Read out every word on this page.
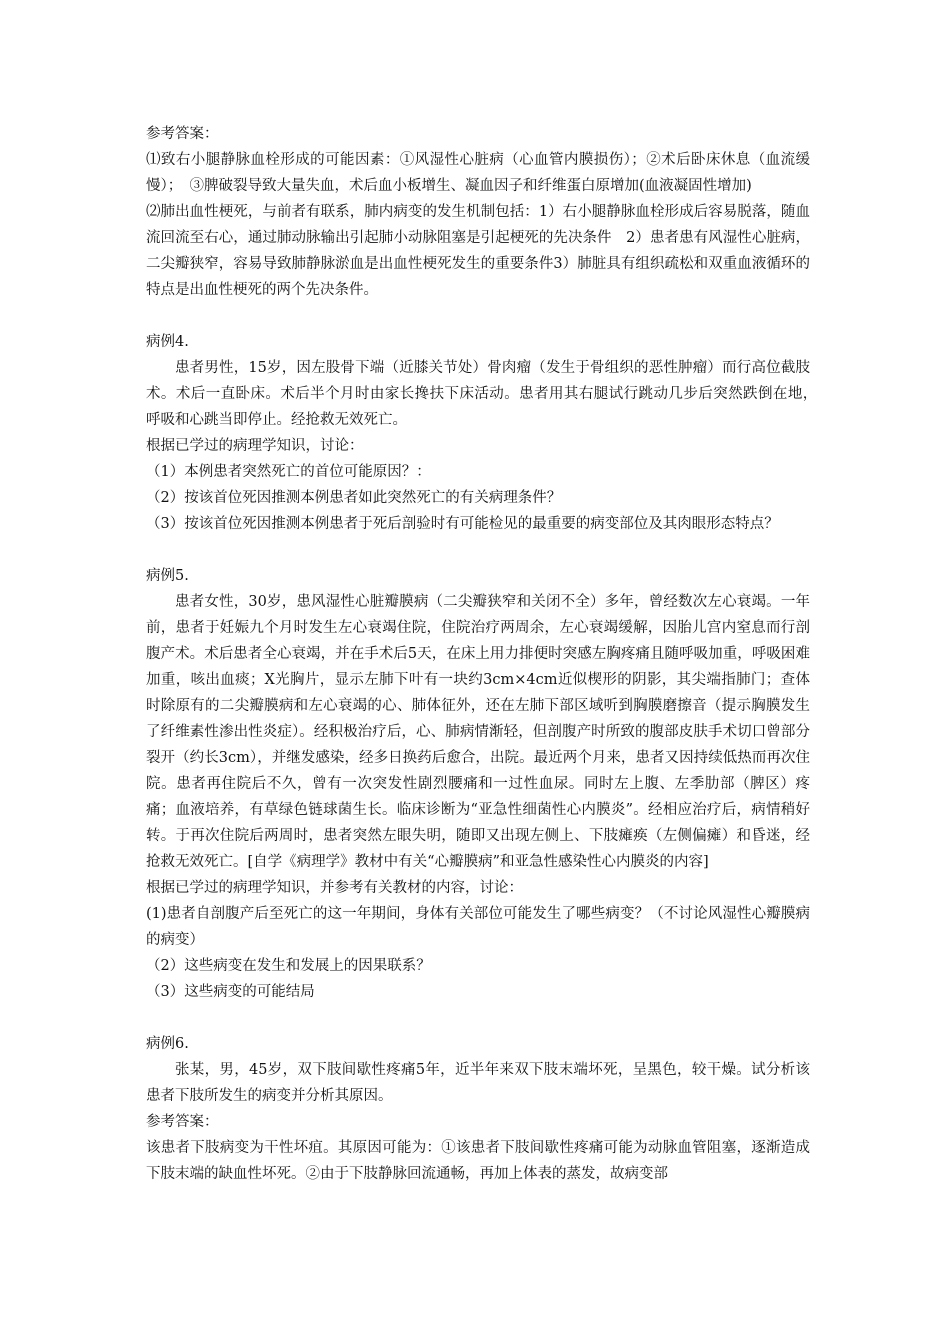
参考答案：

⑴致右小腿静脉血栓形成的可能因素：①风湿性心脏病（心血管内膜损伤）；②术后卧床休息（血流缓慢）；　③脾破裂导致大量失血，术后血小板增生、凝血因子和纤维蛋白原增加(血液凝固性增加)

⑵肺出血性梗死，与前者有联系，肺内病变的发生机制包括：1）右小腿静脉血栓形成后容易脱落，随血流回流至右心，通过肺动脉输出引起肺小动脉阻塞是引起梗死的先决条件　2）患者患有风湿性心脏病，二尖瓣狭窄，容易导致肺静脉淤血是出血性梗死发生的重要条件3）肺脏具有组织疏松和双重血液循环的特点是出血性梗死的两个先决条件。

病例4.

患者男性，15岁，因左股骨下端（近膝关节处）骨肉瘤（发生于骨组织的恶性肿瘤）而行高位截肢术。术后一直卧床。术后半个月时由家长搀扶下床活动。患者用其右腿试行跳动几步后突然跌倒在地，　呼吸和心跳当即停止。经抢救无效死亡。

根据已学过的病理学知识，讨论：

（1）本例患者突然死亡的首位可能原因？：

（2）按该首位死因推测本例患者如此突然死亡的有关病理条件？

（3）按该首位死因推测本例患者于死后剖验时有可能检见的最重要的病变部位及其肉眼形态特点？

病例5.

患者女性，30岁，患风湿性心脏瓣膜病（二尖瓣狭窄和关闭不全）多年，曾经数次左心衰竭。一年前，患者于妊娠九个月时发生左心衰竭住院，住院治疗两周余，左心衰竭缓解，因胎儿宫内窒息而行剖腹产术。术后患者全心衰竭，并在手术后5天，在床上用力排便时突感左胸疼痛且随呼吸加重，呼吸困难加重，咳出血痰；X光胸片，显示左肺下叶有一块约3cm×4cm近似楔形的阴影，其尖端指肺门；查体时除原有的二尖瓣膜病和左心衰竭的心、肺体征外，还在左肺下部区域听到胸膜磨擦音（提示胸膜发生了纤维素性渗出性炎症）。经积极治疗后，心、肺病情渐轻，但剖腹产时所致的腹部皮肤手术切口曾部分裂开（约长3cm），并继发感染，经多日换药后愈合，出院。最近两个月来，患者又因持续低热而再次住院。患者再住院后不久，曾有一次突发性剧烈腰痛和一过性血尿。同时左上腹、左季肋部（脾区）疼痛；血液培养，有草绿色链球菌生长。临床诊断为“亚急性细菌性心内膜炎”。经相应治疗后，病情稍好转。于再次住院后两周时，患者突然左眼失明，随即又出现左侧上、下肢瘫痪（左侧偏瘫）和昏迷，经抢救无效死亡。[自学《病理学》教材中有关“心瓣膜病”和亚急性感染性心内膜炎的内容]

根据已学过的病理学知识，并参考有关教材的内容，讨论：

(1)患者自剖腹产后至死亡的这一年期间，身体有关部位可能发生了哪些病变？（不讨论风湿性心瓣膜病的病变）

（2）这些病变在发生和发展上的因果联系？

（3）这些病变的可能结局

病例6.

张某，男，45岁，双下肢间歇性疼痛5年，近半年来双下肢末端坏死，呈黑色，较干燥。试分析该患者下肢所发生的病变并分析其原因。

参考答案：

该患者下肢病变为干性坏疽。其原因可能为：①该患者下肢间歇性疼痛可能为动脉血管阻塞，逐渐造成下肢末端的缺血性坏死。②由于下肢静脉回流通畅，再加上体表的蒸发，故病变部
